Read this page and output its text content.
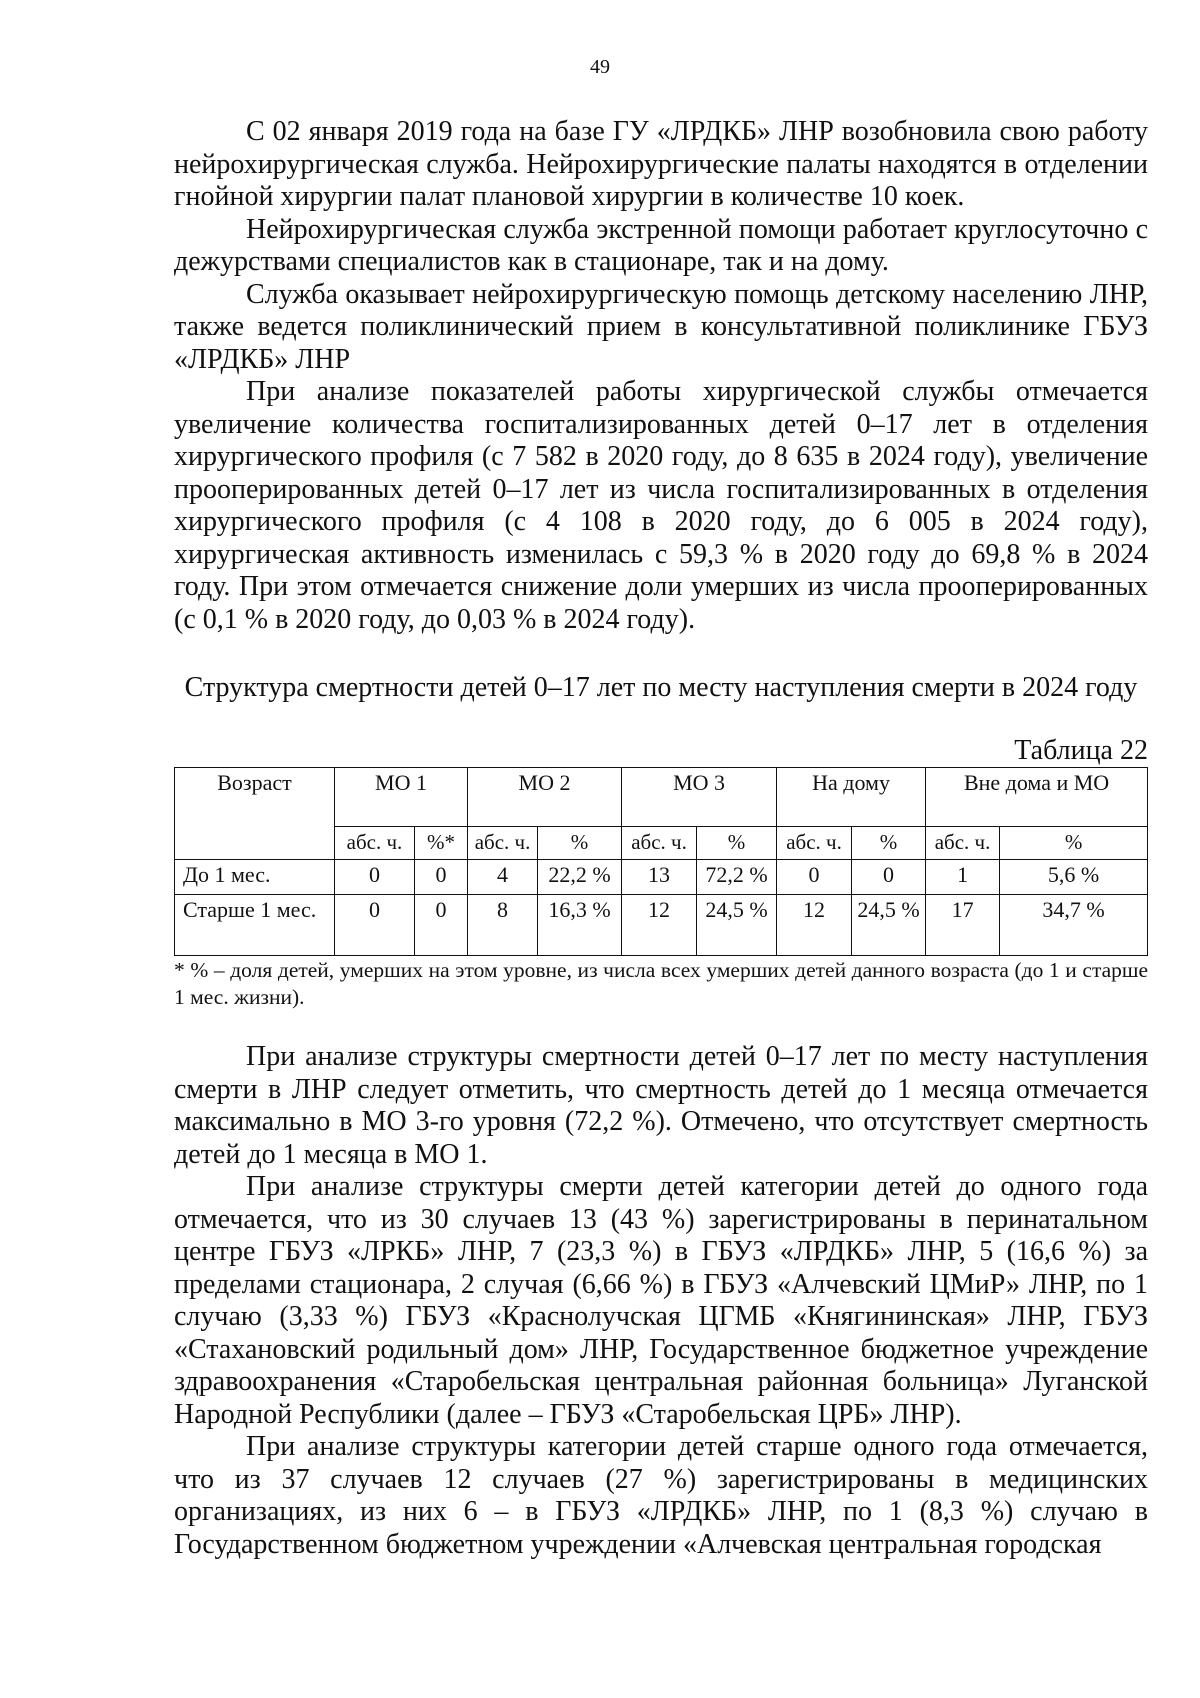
49

С 02 января 2019 года на базе ГУ «ЛРДКБ» ЛНР возобновила свою работу нейрохирургическая служба. Нейрохирургические палаты находятся в отделении гнойной хирургии палат плановой хирургии в количестве 10 коек.

Нейрохирургическая служба экстренной помощи работает круглосуточно с дежурствами специалистов как в стационаре, так и на дому.

Служба оказывает нейрохирургическую помощь детскому населению ЛНР, также ведется поликлинический прием в консультативной поликлинике ГБУЗ «ЛРДКБ» ЛНР

При анализе показателей работы хирургической службы отмечается увеличение количества госпитализированных детей 0–17 лет в отделения хирургического профиля (с 7 582 в 2020 году, до 8 635 в 2024 году), увеличение прооперированных детей 0–17 лет из числа госпитализированных в отделения хирургического профиля (с 4 108 в 2020 году, до 6 005 в 2024 году), хирургическая активность изменилась с 59,3 % в 2020 году до 69,8 % в 2024 году. При этом отмечается снижение доли умерших из числа прооперированных (с 0,1 % в 2020 году, до 0,03 % в 2024 году).

Структура смертности детей 0–17 лет по месту наступления смерти в 2024 году
Таблица 22
Возраст	МО 1		МО 2		МО 3		На дому		Вне дома и МО	
	абс. ч.	%*	абс. ч.	%	абс. ч.	%	абс. ч.	%	абс. ч.	%
До 1 мес.	0	0	4	22,2 %	13	72,2 %	0	0	1	5,6 %
Старше 1 мес.	0	0	8	16,3 %	12	24,5 %	12	24,5 %	17	34,7 %
* % – доля детей, умерших на этом уровне, из числа всех умерших детей данного возраста (до 1 и старше 1 мес. жизни).

При анализе структуры смертности детей 0–17 лет по месту наступления смерти в ЛНР следует отметить, что смертность детей до 1 месяца отмечается максимально в МО 3-го уровня (72,2 %). Отмечено, что отсутствует смертность детей до 1 месяца в МО 1.

При анализе структуры смерти детей категории детей до одного года отмечается, что из 30 случаев 13 (43 %) зарегистрированы в перинатальном центре ГБУЗ «ЛРКБ» ЛНР, 7 (23,3 %) в ГБУЗ «ЛРДКБ» ЛНР, 5 (16,6 %) за пределами стационара, 2 случая (6,66 %) в ГБУЗ «Алчевский ЦМиР» ЛНР, по 1 случаю (3,33 %) ГБУЗ «Краснолучская ЦГМБ «Княгининская» ЛНР, ГБУЗ «Стахановский родильный дом» ЛНР, Государственное бюджетное учреждение здравоохранения «Старобельская центральная районная больница» Луганской Народной Республики (далее – ГБУЗ «Старобельская ЦРБ» ЛНР).

При анализе структуры категории детей старше одного года отмечается, что из 37 случаев 12 случаев (27 %) зарегистрированы в медицинских организациях, из них 6 – в ГБУЗ «ЛРДКБ» ЛНР, по 1 (8,3 %) случаю в Государственном бюджетном учреждении «Алчевская центральная городская
